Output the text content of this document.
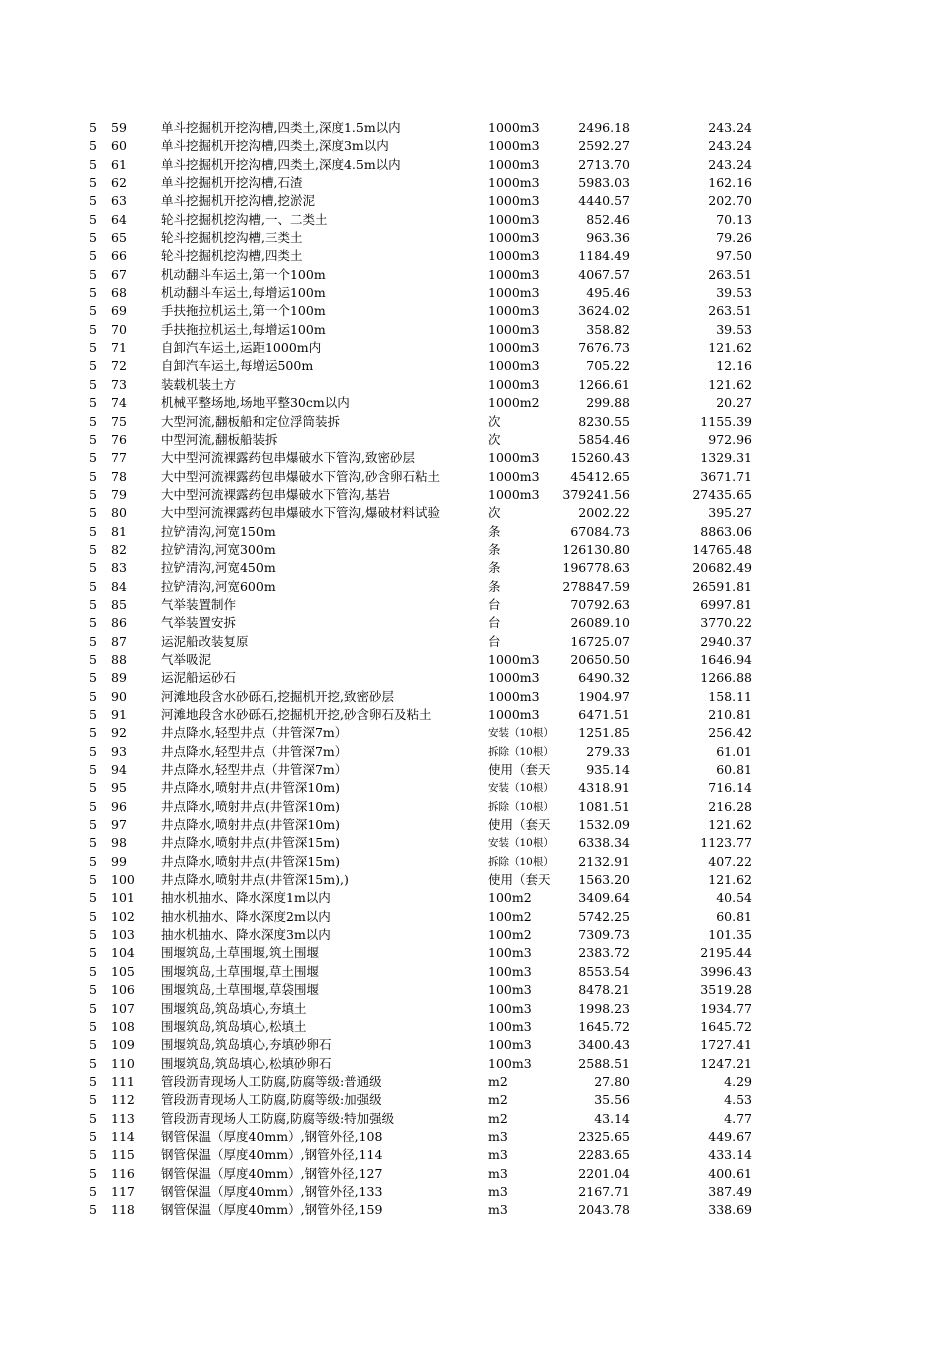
5	59	单斗挖掘机开挖沟槽,四类土,深度1.5m以内	1000m3	2496.18	243.24
5	60	单斗挖掘机开挖沟槽,四类土,深度3m以内	1000m3	2592.27	243.24
5	61	单斗挖掘机开挖沟槽,四类土,深度4.5m以内	1000m3	2713.70	243.24
5	62	单斗挖掘机开挖沟槽,石渣	1000m3	5983.03	162.16
5	63	单斗挖掘机开挖沟槽,挖淤泥	1000m3	4440.57	202.70
5	64	轮斗挖掘机挖沟槽,一、二类土	1000m3	852.46	70.13
5	65	轮斗挖掘机挖沟槽,三类土	1000m3	963.36	79.26
5	66	轮斗挖掘机挖沟槽,四类土	1000m3	1184.49	97.50
5	67	机动翻斗车运土,第一个100m	1000m3	4067.57	263.51
5	68	机动翻斗车运土,每增运100m	1000m3	495.46	39.53
5	69	手扶拖拉机运土,第一个100m	1000m3	3624.02	263.51
5	70	手扶拖拉机运土,每增运100m	1000m3	358.82	39.53
5	71	自卸汽车运土,运距1000m内	1000m3	7676.73	121.62
5	72	自卸汽车运土,每增运500m	1000m3	705.22	12.16
5	73	装载机装土方	1000m3	1266.61	121.62
5	74	机械平整场地,场地平整30cm以内	1000m2	299.88	20.27
5	75	大型河流,翻板船和定位浮筒装拆	次	8230.55	1155.39
5	76	中型河流,翻板船装拆	次	5854.46	972.96
5	77	大中型河流裸露药包串爆破水下管沟,致密砂层	1000m3	15260.43	1329.31
5	78	大中型河流裸露药包串爆破水下管沟,砂含卵石粘土	1000m3	45412.65	3671.71
5	79	大中型河流裸露药包串爆破水下管沟,基岩	1000m3	379241.56	27435.65
5	80	大中型河流裸露药包串爆破水下管沟,爆破材料试验	次	2002.22	395.27
5	81	拉铲清沟,河宽150m	条	67084.73	8863.06
5	82	拉铲清沟,河宽300m	条	126130.80	14765.48
5	83	拉铲清沟,河宽450m	条	196778.63	20682.49
5	84	拉铲清沟,河宽600m	条	278847.59	26591.81
5	85	气举装置制作	台	70792.63	6997.81
5	86	气举装置安拆	台	26089.10	3770.22
5	87	运泥船改装复原	台	16725.07	2940.37
5	88	气举吸泥	1000m3	20650.50	1646.94
5	89	运泥船运砂石	1000m3	6490.32	1266.88
5	90	河滩地段含水砂砾石,挖掘机开挖,致密砂层	1000m3	1904.97	158.11
5	91	河滩地段含水砂砾石,挖掘机开挖,砂含卵石及粘土	1000m3	6471.51	210.81
5	92	井点降水,轻型井点（井管深7m）	安装（10根）	1251.85	256.42
5	93	井点降水,轻型井点（井管深7m）	拆除（10根）	279.33	61.01
5	94	井点降水,轻型井点（井管深7m）	使用（套天	935.14	60.81
5	95	井点降水,喷射井点(井管深10m)	安装（10根）	4318.91	716.14
5	96	井点降水,喷射井点(井管深10m)	拆除（10根）	1081.51	216.28
5	97	井点降水,喷射井点(井管深10m)	使用（套天	1532.09	121.62
5	98	井点降水,喷射井点(井管深15m)	安装（10根）	6338.34	1123.77
5	99	井点降水,喷射井点(井管深15m)	拆除（10根）	2132.91	407.22
5	100	井点降水,喷射井点(井管深15m),)	使用（套天	1563.20	121.62
5	101	抽水机抽水、降水深度1m以内	100m2	3409.64	40.54
5	102	抽水机抽水、降水深度2m以内	100m2	5742.25	60.81
5	103	抽水机抽水、降水深度3m以内	100m2	7309.73	101.35
5	104	围堰筑岛,土草围堰,筑土围堰	100m3	2383.72	2195.44
5	105	围堰筑岛,土草围堰,草土围堰	100m3	8553.54	3996.43
5	106	围堰筑岛,土草围堰,草袋围堰	100m3	8478.21	3519.28
5	107	围堰筑岛,筑岛填心,夯填土	100m3	1998.23	1934.77
5	108	围堰筑岛,筑岛填心,松填土	100m3	1645.72	1645.72
5	109	围堰筑岛,筑岛填心,夯填砂卵石	100m3	3400.43	1727.41
5	110	围堰筑岛,筑岛填心,松填砂卵石	100m3	2588.51	1247.21
5	111	管段沥青现场人工防腐,防腐等级:普通级	m2	27.80	4.29
5	112	管段沥青现场人工防腐,防腐等级:加强级	m2	35.56	4.53
5	113	管段沥青现场人工防腐,防腐等级:特加强级	m2	43.14	4.77
5	114	钢管保温（厚度40mm）,钢管外径,108	m3	2325.65	449.67
5	115	钢管保温（厚度40mm）,钢管外径,114	m3	2283.65	433.14
5	116	钢管保温（厚度40mm）,钢管外径,127	m3	2201.04	400.61
5	117	钢管保温（厚度40mm）,钢管外径,133	m3	2167.71	387.49
5	118	钢管保温（厚度40mm）,钢管外径,159	m3	2043.78	338.69
